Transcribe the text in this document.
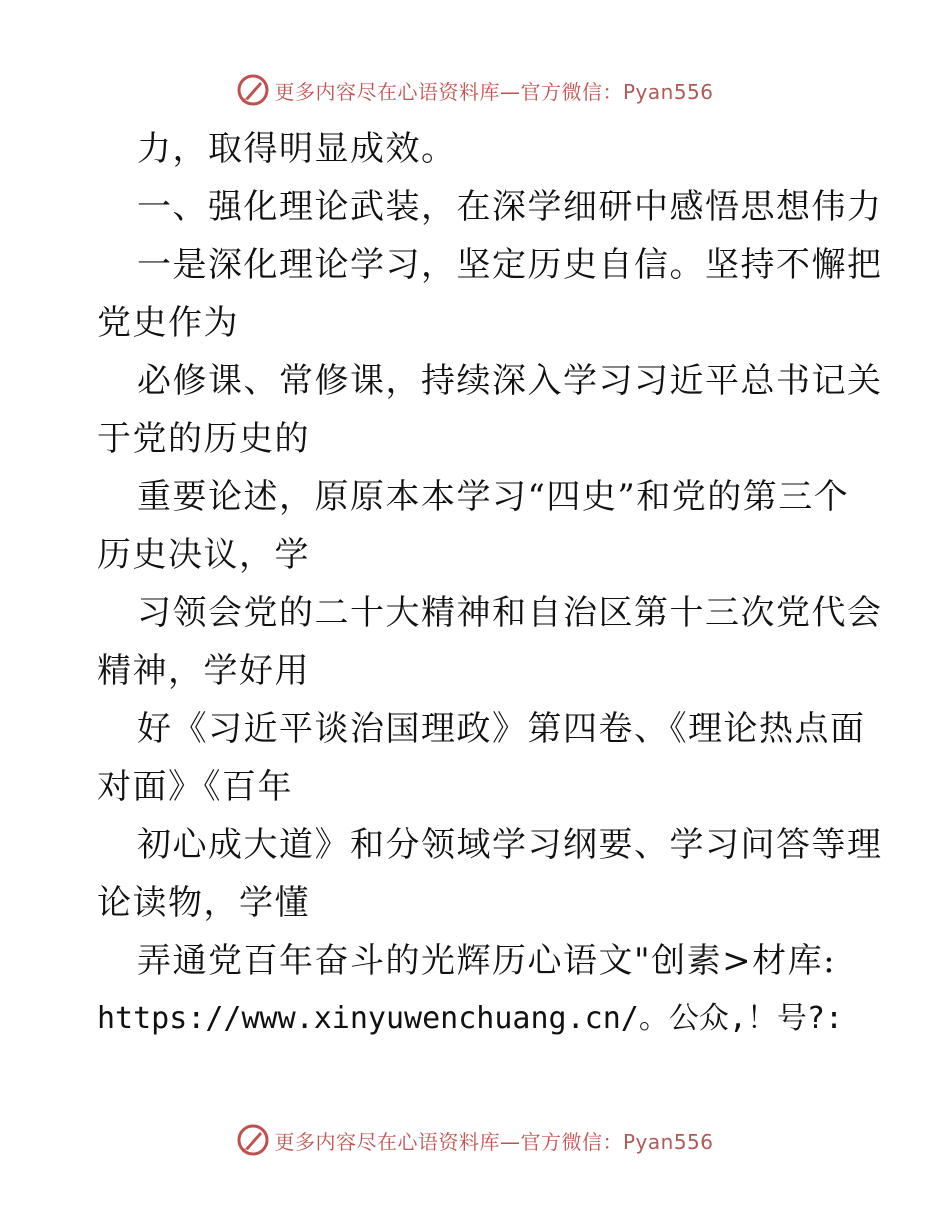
更多内容尽在心语资料库—官方微信：Pyan556
力，取得明显成效。
一、强化理论武装，在深学细研中感悟思想伟力
一是深化理论学习，坚定历史自信。坚持不懈把
党史作为
必修课、常修课，持续深入学习习近平总书记关
于党的历史的
重要论述，原原本本学习“四史”和党的第三个
历史决议，学
习领会党的二十大精神和自治区第十三次党代会
精神，学好用
好《习近平谈治国理政》第四卷、《理论热点面
对面》《百年
初心成大道》和分领域学习纲要、学习问答等理
论读物，学懂
弄通党百年奋斗的光辉历心语文"创素>材库:
https://www.xinyuwenchuang.cn/。公众,！号?:
更多内容尽在心语资料库—官方微信：Pyan556
